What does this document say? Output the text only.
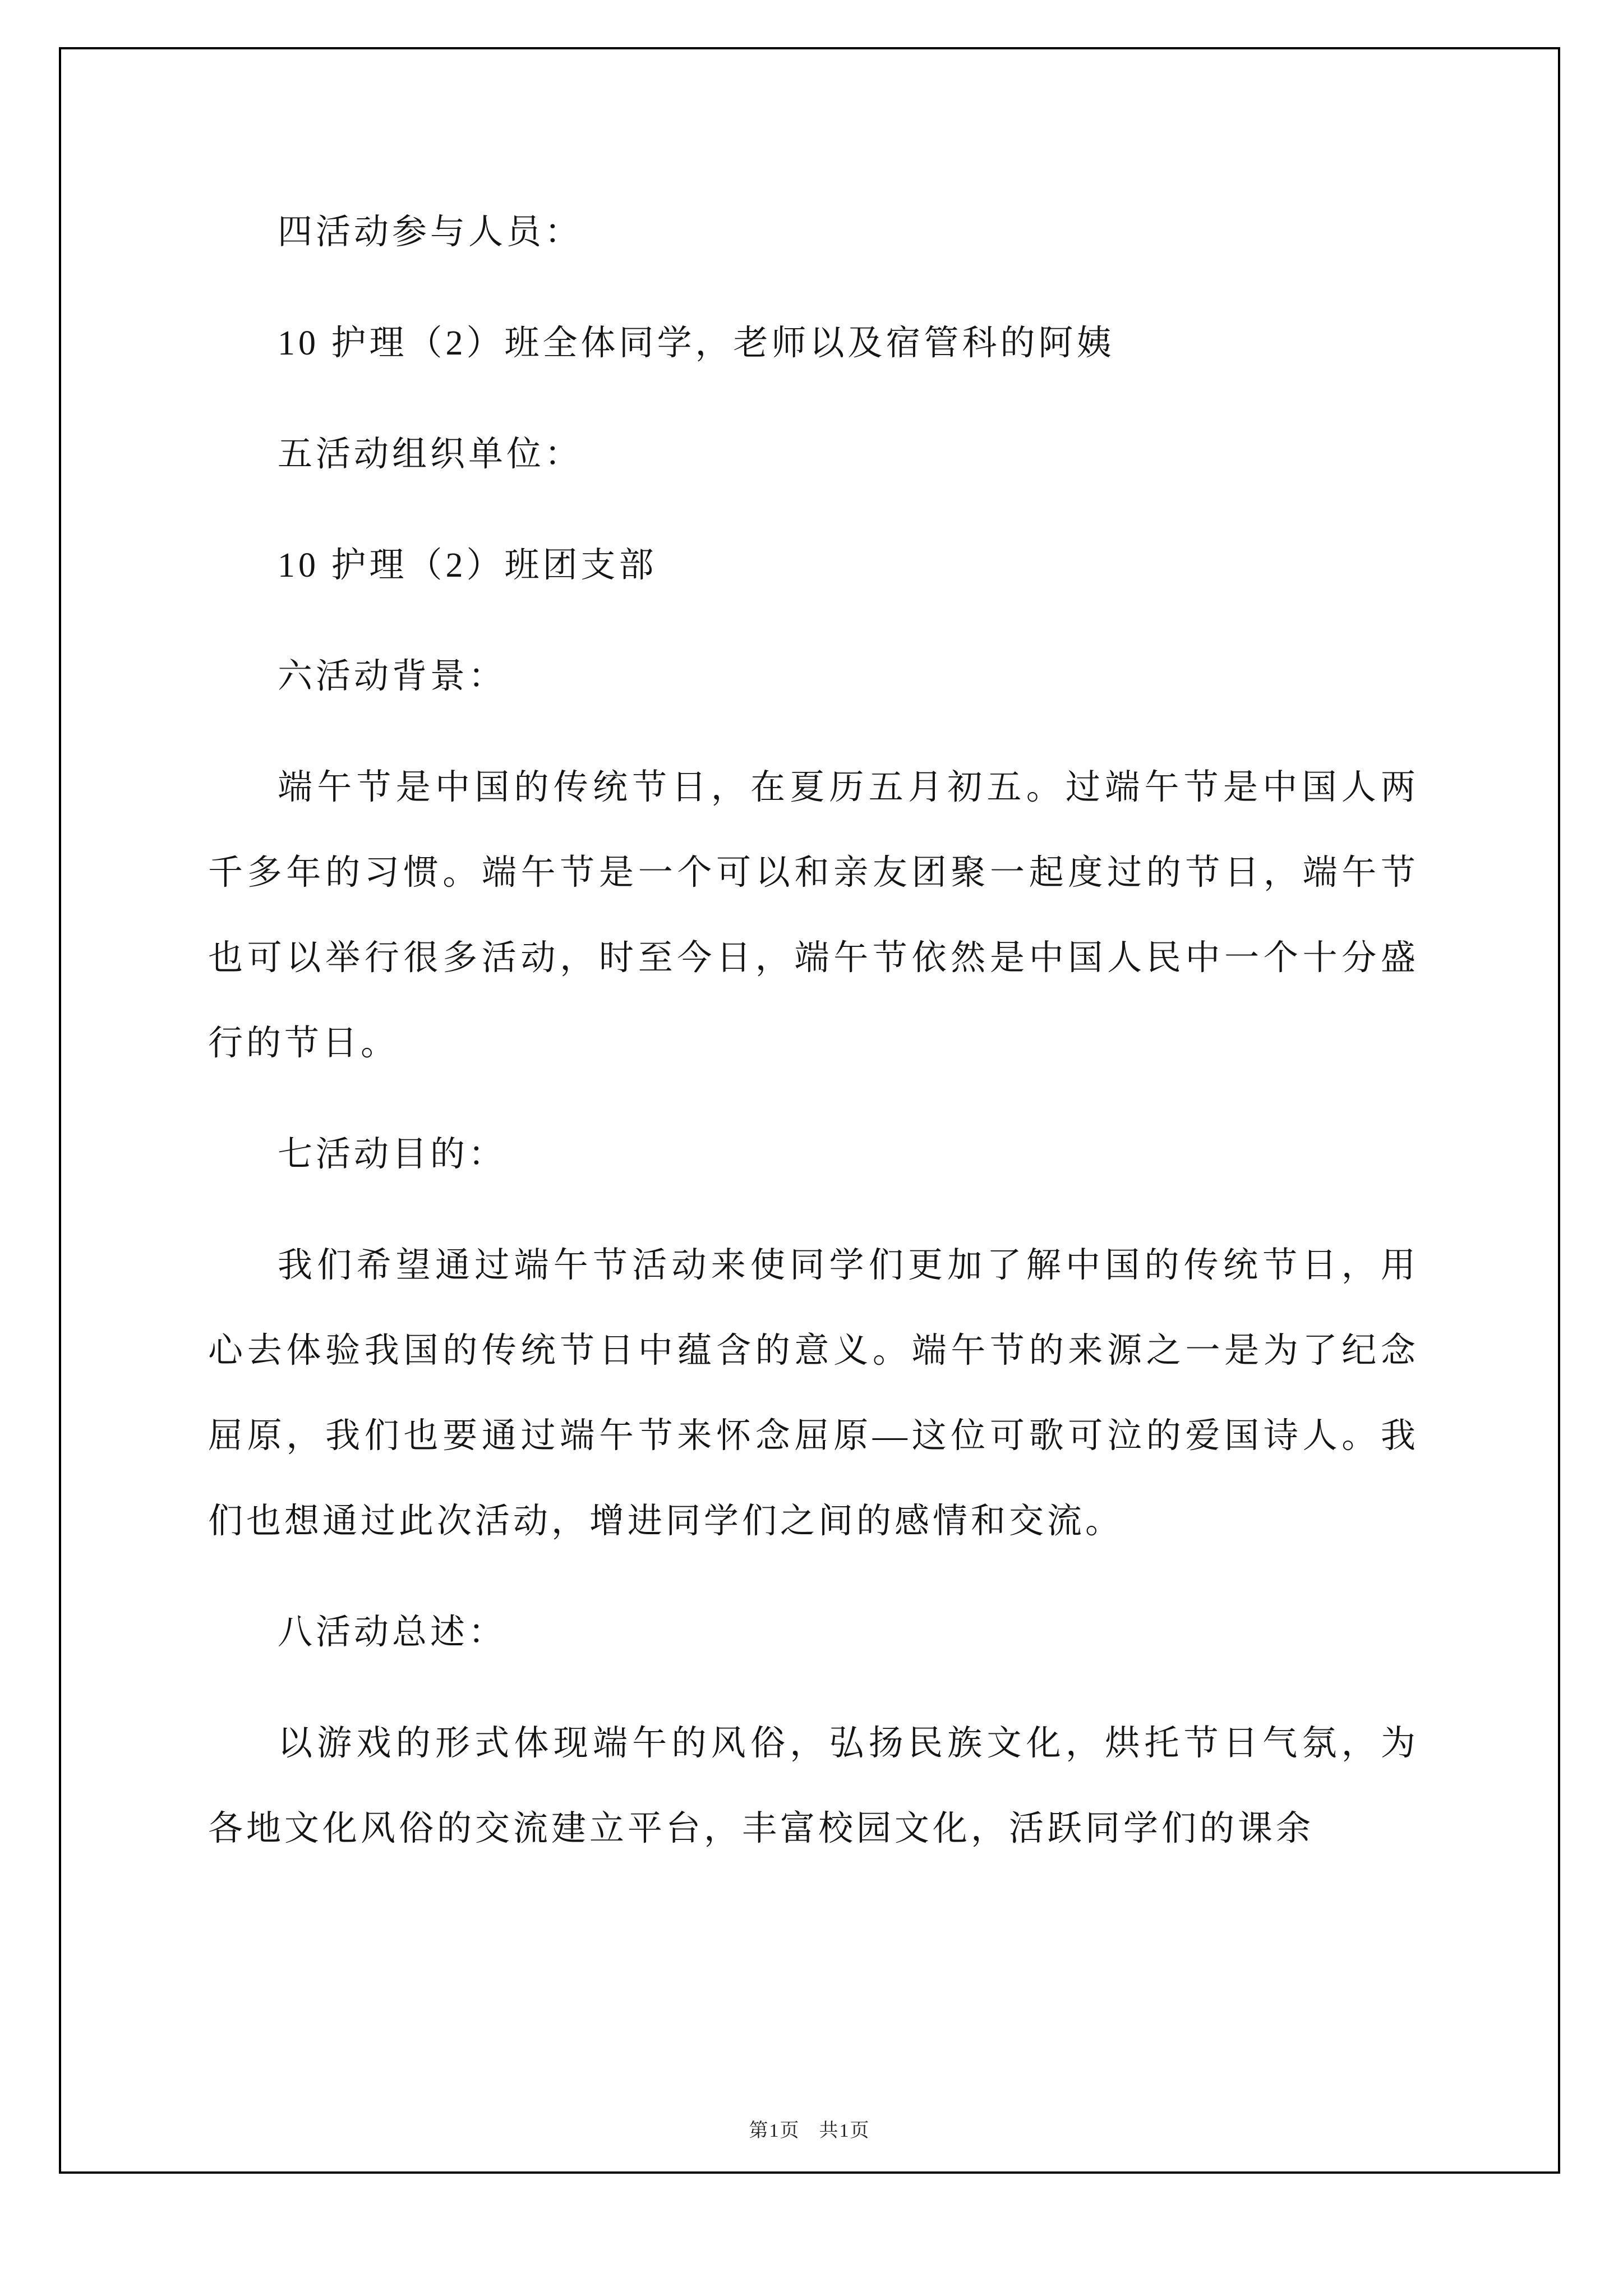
四活动参与人员：

10 护理（2）班全体同学，老师以及宿管科的阿姨

五活动组织单位：

10 护理（2）班团支部

六活动背景：

端午节是中国的传统节日，在夏历五月初五。过端午节是中国人两千多年的习惯。端午节是一个可以和亲友团聚一起度过的节日，端午节也可以举行很多活动，时至今日，端午节依然是中国人民中一个十分盛行的节日。

七活动目的：

我们希望通过端午节活动来使同学们更加了解中国的传统节日，用心去体验我国的传统节日中蕴含的意义。端午节的来源之一是为了纪念屈原，我们也要通过端午节来怀念屈原—这位可歌可泣的爱国诗人。我们也想通过此次活动，增进同学们之间的感情和交流。

八活动总述：

以游戏的形式体现端午的风俗，弘扬民族文化，烘托节日气氛，为各地文化风俗的交流建立平台，丰富校园文化，活跃同学们的课余

第1页 共1页
